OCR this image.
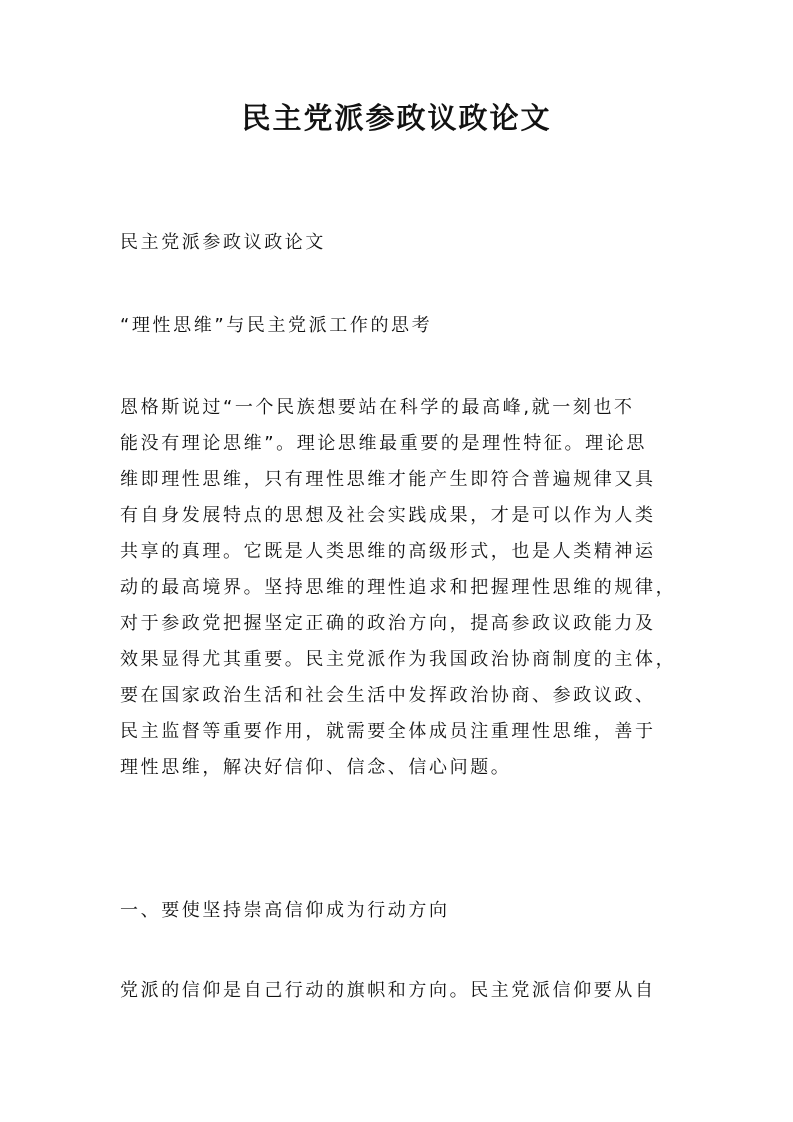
民主党派参政议政论文

民主党派参政议政论文

“理性思维”与民主党派工作的思考

恩格斯说过“一个民族想要站在科学的最高峰,就一刻也不
能没有理论思维”。理论思维最重要的是理性特征。理论思
维即理性思维，只有理性思维才能产生即符合普遍规律又具
有自身发展特点的思想及社会实践成果，才是可以作为人类
共享的真理。它既是人类思维的高级形式，也是人类精神运
动的最高境界。坚持思维的理性追求和把握理性思维的规律，
对于参政党把握坚定正确的政治方向，提高参政议政能力及
效果显得尤其重要。民主党派作为我国政治协商制度的主体，
要在国家政治生活和社会生活中发挥政治协商、参政议政、
民主监督等重要作用，就需要全体成员注重理性思维，善于
理性思维，解决好信仰、信念、信心问题。

一、要使坚持崇高信仰成为行动方向

党派的信仰是自己行动的旗帜和方向。民主党派信仰要从自
